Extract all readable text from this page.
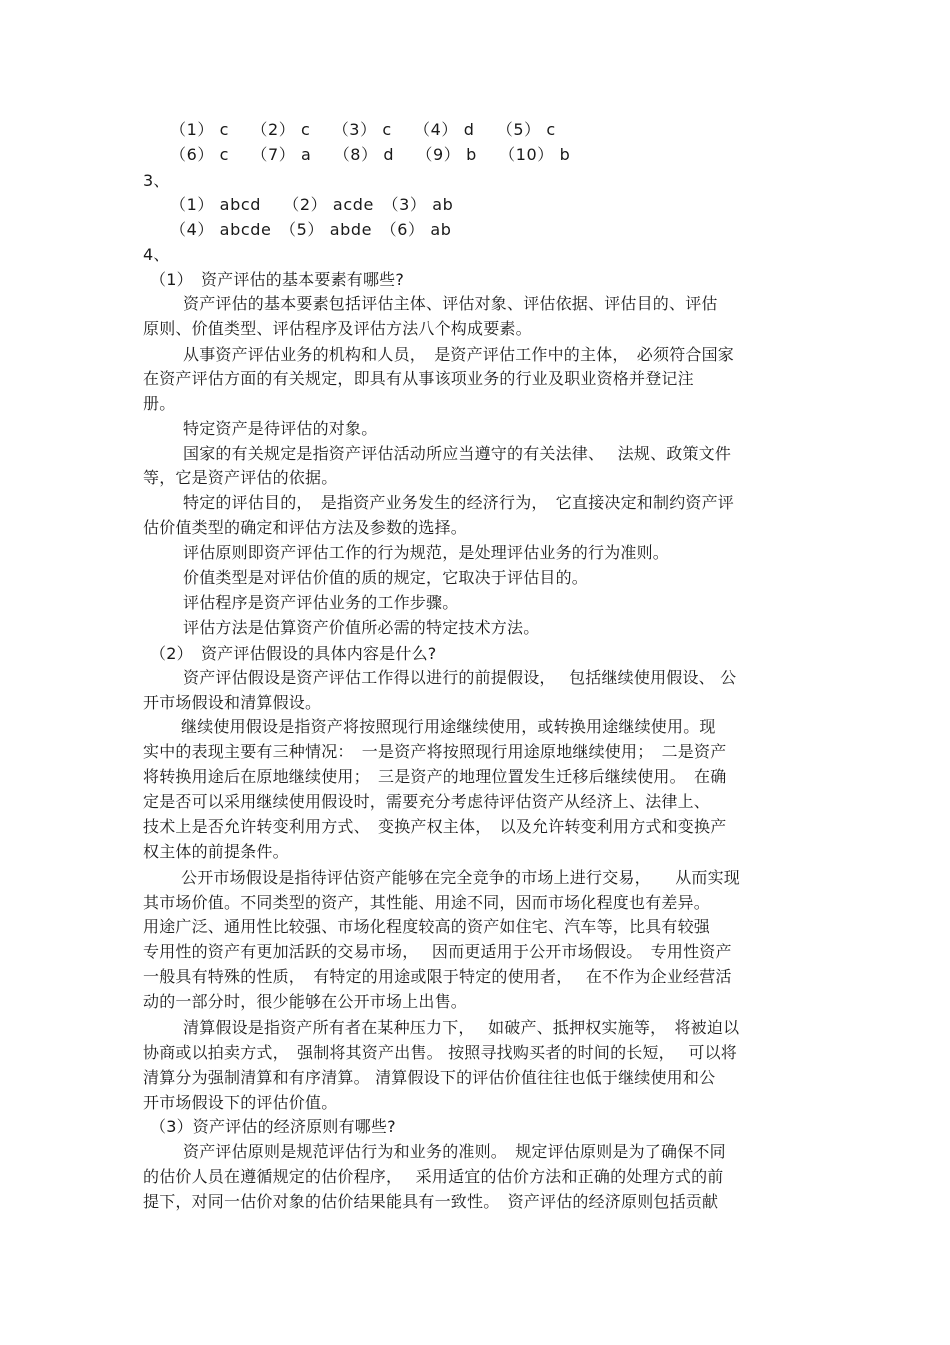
（1） c　 （2） c　 （3） c　 （4） d　 （5） c
（6） c　 （7） a　 （8） d　 （9） b　 （10） b
3、
（1） abcd　 （2） acde　（3） ab
（4） abcde　（5） abde　（6） ab
4、
（1）　资产评估的基本要素有哪些?
资产评估的基本要素包括评估主体、评估对象、评估依据、评估目的、评估
原则、价值类型、评估程序及评估方法八个构成要素。
从事资产评估业务的机构和人员，　是资产评估工作中的主体，　必须符合国家
在资产评估方面的有关规定，即具有从事该项业务的行业及职业资格并登记注
册。
特定资产是待评估的对象。
国家的有关规定是指资产评估活动所应当遵守的有关法律、　 法规、政策文件
等，它是资产评估的依据。
特定的评估目的，　是指资产业务发生的经济行为，　它直接决定和制约资产评
估价值类型的确定和评估方法及参数的选择。
评估原则即资产评估工作的行为规范，是处理评估业务的行为准则。
价值类型是对评估价值的质的规定，它取决于评估目的。
评估程序是资产评估业务的工作步骤。
评估方法是估算资产价值所必需的特定技术方法。
（2）　资产评估假设的具体内容是什么?
资产评估假设是资产评估工作得以进行的前提假设，　 包括继续使用假设、 公
开市场假设和清算假设。
继续使用假设是指资产将按照现行用途继续使用，或转换用途继续使用。现
实中的表现主要有三种情况：　一是资产将按照现行用途原地继续使用；　二是资产
将转换用途后在原地继续使用；　三是资产的地理位置发生迁移后继续使用。　在确
定是否可以采用继续使用假设时，需要充分考虑待评估资产从经济上、法律上、
技术上是否允许转变利用方式、　变换产权主体，　以及允许转变利用方式和变换产
权主体的前提条件。
公开市场假设是指待评估资产能够在完全竞争的市场上进行交易，　　从而实现
其市场价值。不同类型的资产，其性能、用途不同，因而市场化程度也有差异。
用途广泛、通用性比较强、市场化程度较高的资产如住宅、汽车等，比具有较强
专用性的资产有更加活跃的交易市场，　 因而更适用于公开市场假设。　专用性资产
一般具有特殊的性质，　有特定的用途或限于特定的使用者，　 在不作为企业经营活
动的一部分时，很少能够在公开市场上出售。
清算假设是指资产所有者在某种压力下，　 如破产、抵押权实施等，　将被迫以
协商或以拍卖方式，　强制将其资产出售。 按照寻找购买者的时间的长短，　 可以将
清算分为强制清算和有序清算。 清算假设下的评估价值往往也低于继续使用和公
开市场假设下的评估价值。
（3）资产评估的经济原则有哪些?
资产评估原则是规范评估行为和业务的准则。　规定评估原则是为了确保不同
的估价人员在遵循规定的估价程序，　 采用适宜的估价方法和正确的处理方式的前
提下，对同一估价对象的估价结果能具有一致性。　资产评估的经济原则包括贡献
